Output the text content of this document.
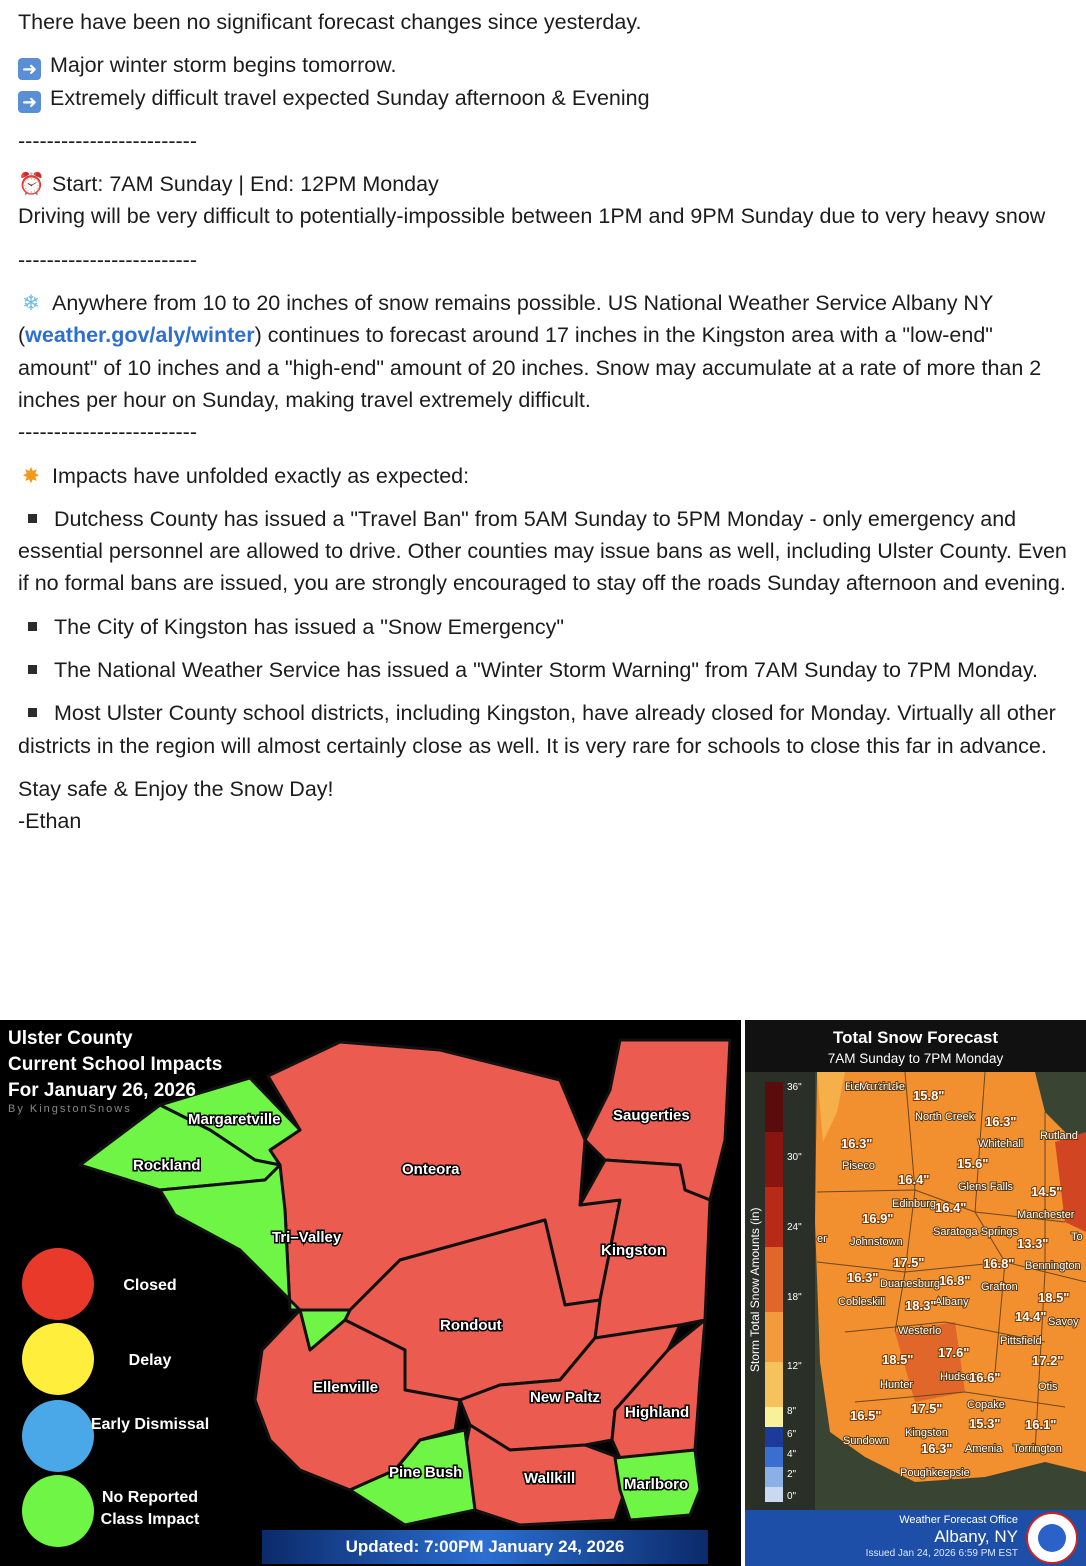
There have been no significant forecast changes since yesterday.

➜ Major winter storm begins tomorrow.

➜ Extremely difficult travel expected Sunday afternoon & Evening

-------------------------

⏰ Start: 7AM Sunday | End: 12PM Monday

Driving will be very difficult to potentially-impossible between 1PM and 9PM Sunday due to very heavy snow

-------------------------

❄ Anywhere from 10 to 20 inches of snow remains possible. US National Weather Service Albany NY (weather.gov/aly/winter) continues to forecast around 17 inches in the Kingston area with a "low-end" amount" of 10 inches and a "high-end" amount of 20 inches. Snow may accumulate at a rate of more than 2 inches per hour on Sunday, making travel extremely difficult.

-------------------------

✸ Impacts have unfolded exactly as expected:

Dutchess County has issued a "Travel Ban" from 5AM Sunday to 5PM Monday - only emergency and essential personnel are allowed to drive. Other counties may issue bans as well, including Ulster County. Even if no formal bans are issued, you are strongly encouraged to stay off the roads Sunday afternoon and evening.

The City of Kingston has issued a "Snow Emergency"

The National Weather Service has issued a "Winter Storm Warning" from 7AM Sunday to 7PM Monday.

Most Ulster County school districts, including Kingston, have already closed for Monday. Virtually all other districts in the region will almost certainly close as well. It is very rare for schools to close this far in advance.

Stay safe & Enjoy the Snow Day!

-Ethan

Margaretville
Rockland
Tri–Valley
Onteora
Saugerties
Kingston
Rondout
Ellenville
New Paltz
Highland
Pine Bush	Wallkill	Marlboro
Ulster County
Current School Impacts
For January 26, 2026
By KingstonSnows
Closed
Delay
Early Dismissal
No Reported Class Impact
Updated: 7:00PM January 24, 2026
Total Snow Forecast
7AM Sunday to 7PM Monday
36"
30"
24"
18"
12"
8"
6"
4"
2"
0"
Storm Total Snow Amounts (in)
Blue Mountain Lake
North Creek
Whitehall
Rutland
Piseco
Glens Falls
Edinburg
Manchester
Johnstown
Saratoga Springs
Bennington
Duanesburg	Grafton
Cobleskill	Albany
Savoy
Westerlo
Pittsfield
Hunter
Hudson
Otis
Copake
Sundown
Kingston
Amenia Torrington
Poughkeepsie
er	To
15.8"
16.3"
16.3"
15.6"
16.4"
14.5"
16.9"
16.4"
13.3"
17.5"	16.8"
16.3"	16.8"
18.5"
18.3"
14.4"
17.6"
18.5"	17.2"
16.6"
17.5"
16.5"
15.3" 16.1"
16.3"
Weather Forecast Office
Albany, NY
Issued Jan 24, 2026 6:59 PM EST
